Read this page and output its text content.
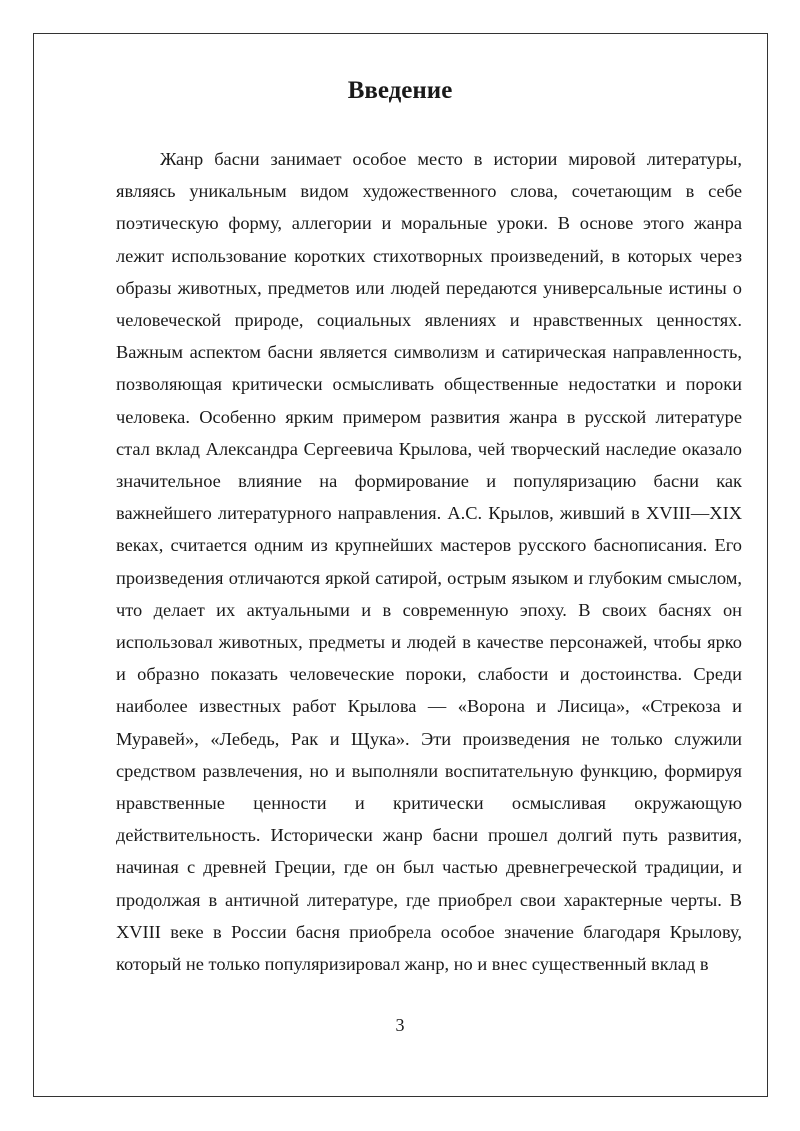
Введение

Жанр басни занимает особое место в истории мировой литературы, являясь уникальным видом художественного слова, сочетающим в себе поэтическую форму, аллегории и моральные уроки. В основе этого жанра лежит использование коротких стихотворных произведений, в которых через образы животных, предметов или людей передаются универсальные истины о человеческой природе, социальных явлениях и нравственных ценностях. Важным аспектом басни является символизм и сатирическая направленность, позволяющая критически осмысливать общественные недостатки и пороки человека. Особенно ярким примером развития жанра в русской литературе стал вклад Александра Сергеевича Крылова, чей творческий наследие оказало значительное влияние на формирование и популяризацию басни как важнейшего литературного направления. А.С. Крылов, живший в XVIII—XIX веках, считается одним из крупнейших мастеров русского баснописания. Его произведения отличаются яркой сатирой, острым языком и глубоким смыслом, что делает их актуальными и в современную эпоху. В своих баснях он использовал животных, предметы и людей в качестве персонажей, чтобы ярко и образно показать человеческие пороки, слабости и достоинства. Среди наиболее известных работ Крылова — «Ворона и Лисица», «Стрекоза и Муравей», «Лебедь, Рак и Щука». Эти произведения не только служили средством развлечения, но и выполняли воспитательную функцию, формируя нравственные ценности и критически осмысливая окружающую действительность. Исторически жанр басни прошел долгий путь развития, начиная с древней Греции, где он был частью древнегреческой традиции, и продолжая в античной литературе, где приобрел свои характерные черты. В XVIII веке в России басня приобрела особое значение благодаря Крылову, который не только популяризировал жанр, но и внес существенный вклад в

3
